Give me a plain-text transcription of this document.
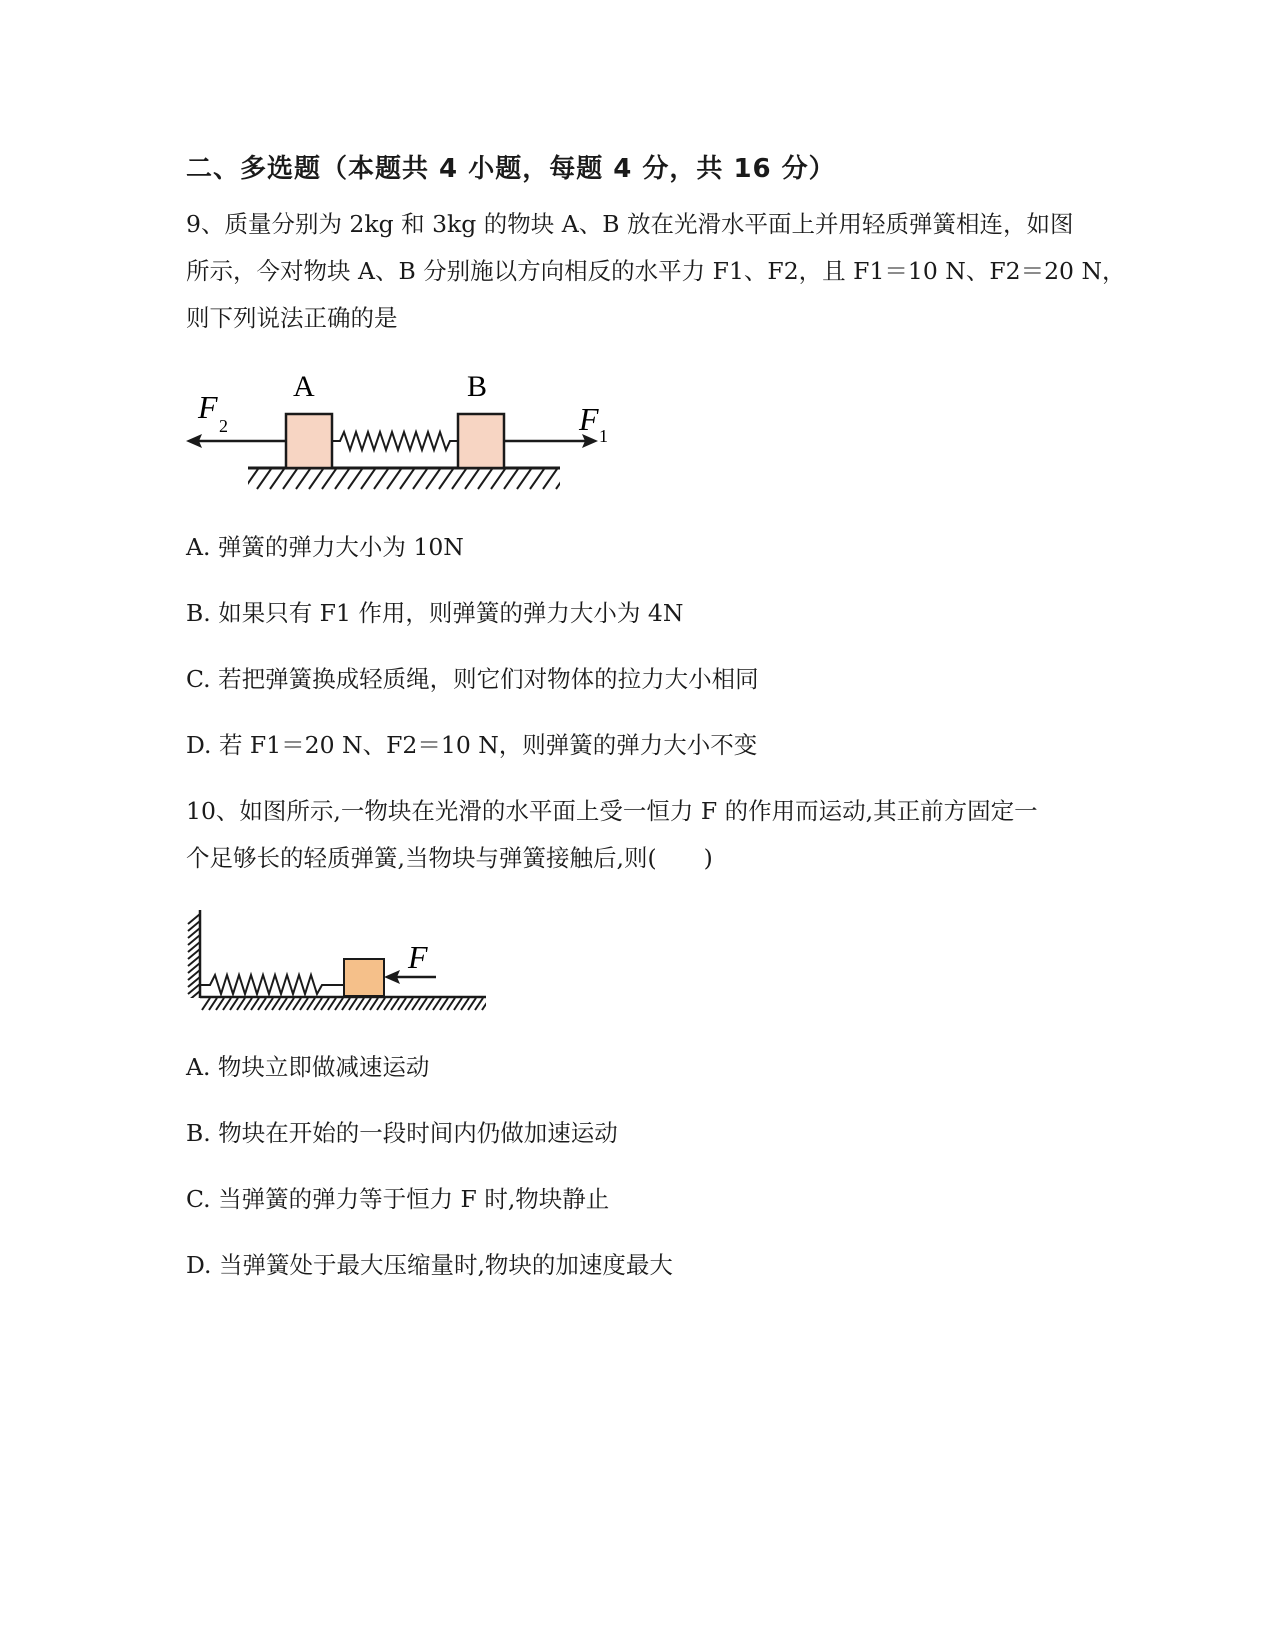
二、多选题（本题共 4 小题，每题 4 分，共 16 分）
9、质量分别为 2kg 和 3kg 的物块 A、B 放在光滑水平面上并用轻质弹簧相连，如图
所示，今对物块 A、B 分别施以方向相反的水平力 F1、F2，且 F1＝10 N、F2＝20 N，
则下列说法正确的是
A	B
F
2	F 1
A. 弹簧的弹力大小为 10N
B. 如果只有 F1 作用，则弹簧的弹力大小为 4N
C. 若把弹簧换成轻质绳，则它们对物体的拉力大小相同
D. 若 F1＝20 N、F2＝10 N，则弹簧的弹力大小不变
10、如图所示,一物块在光滑的水平面上受一恒力 F 的作用而运动,其正前方固定一
个足够长的轻质弹簧,当物块与弹簧接触后,则(　　)
F
A. 物块立即做减速运动
B. 物块在开始的一段时间内仍做加速运动
C. 当弹簧的弹力等于恒力 F 时,物块静止
D. 当弹簧处于最大压缩量时,物块的加速度最大
